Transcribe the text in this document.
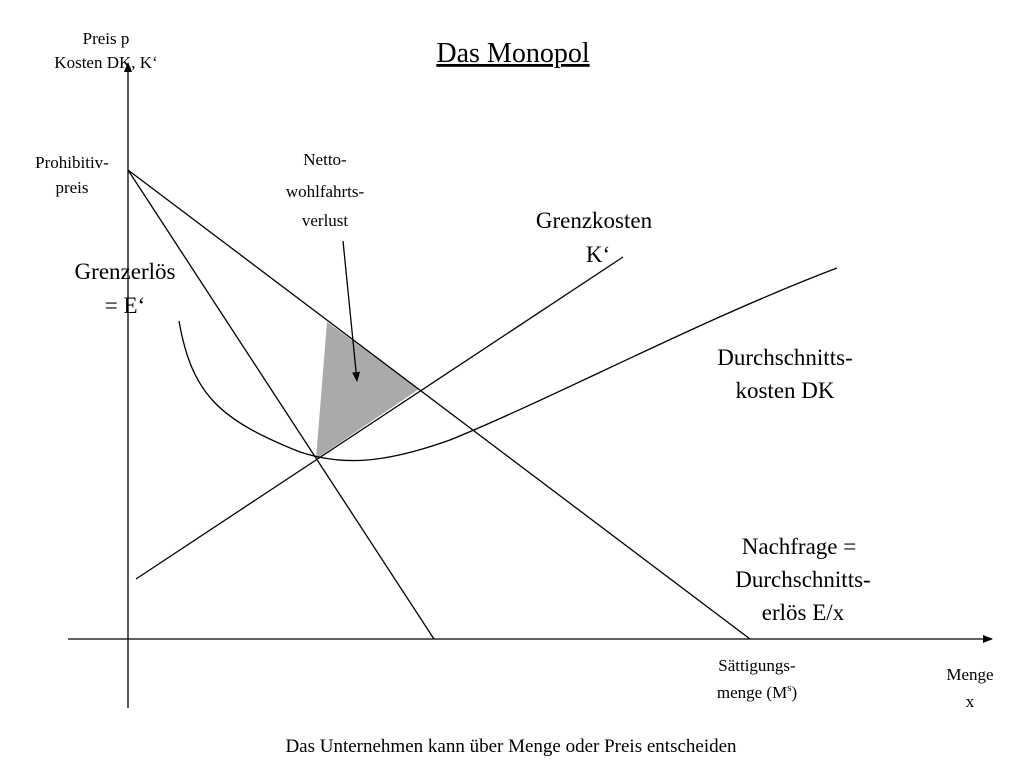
Das Monopol
Preis p
Kosten DK, K‘
Prohibitiv-
preis
Netto-
wohlfahrts-
verlust	Grenzkosten
K‘
Grenzerlös
= E‘
Durchschnitts-
kosten DK
Nachfrage =
Durchschnitts-
erlös E/x
Sättigungs-
menge $(M^s)$
Menge
x
Das Unternehmen kann über Menge oder Preis entscheiden
